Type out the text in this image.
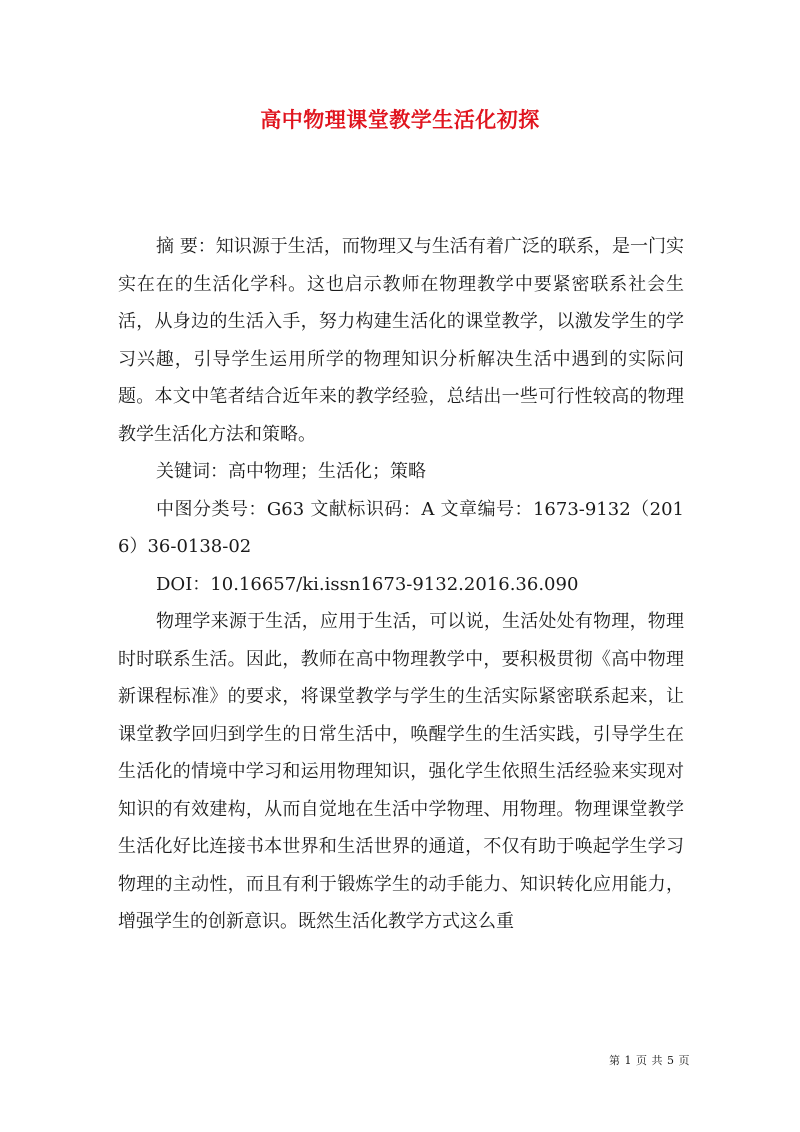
高中物理课堂教学生活化初探

摘 要：知识源于生活，而物理又与生活有着广泛的联系，是一门实实在在的生活化学科。这也启示教师在物理教学中要紧密联系社会生活，从身边的生活入手，努力构建生活化的课堂教学，以激发学生的学习兴趣，引导学生运用所学的物理知识分析解决生活中遇到的实际问题。本文中笔者结合近年来的教学经验，总结出一些可行性较高的物理教学生活化方法和策略。

关键词：高中物理；生活化；策略

中图分类号：G63 文献标识码：A 文章编号：1673-9132（2016）36-0138-02

DOI：10.16657/ki.issn1673-9132.2016.36.090

物理学来源于生活，应用于生活，可以说，生活处处有物理，物理时时联系生活。因此，教师在高中物理教学中，要积极贯彻《高中物理新课程标准》的要求，将课堂教学与学生的生活实际紧密联系起来，让课堂教学回归到学生的日常生活中，唤醒学生的生活实践，引导学生在生活化的情境中学习和运用物理知识，强化学生依照生活经验来实现对知识的有效建构，从而自觉地在生活中学物理、用物理。物理课堂教学生活化好比连接书本世界和生活世界的通道，不仅有助于唤起学生学习物理的主动性，而且有利于锻炼学生的动手能力、知识转化应用能力，增强学生的创新意识。既然生活化教学方式这么重

第 1 页 共 5 页
